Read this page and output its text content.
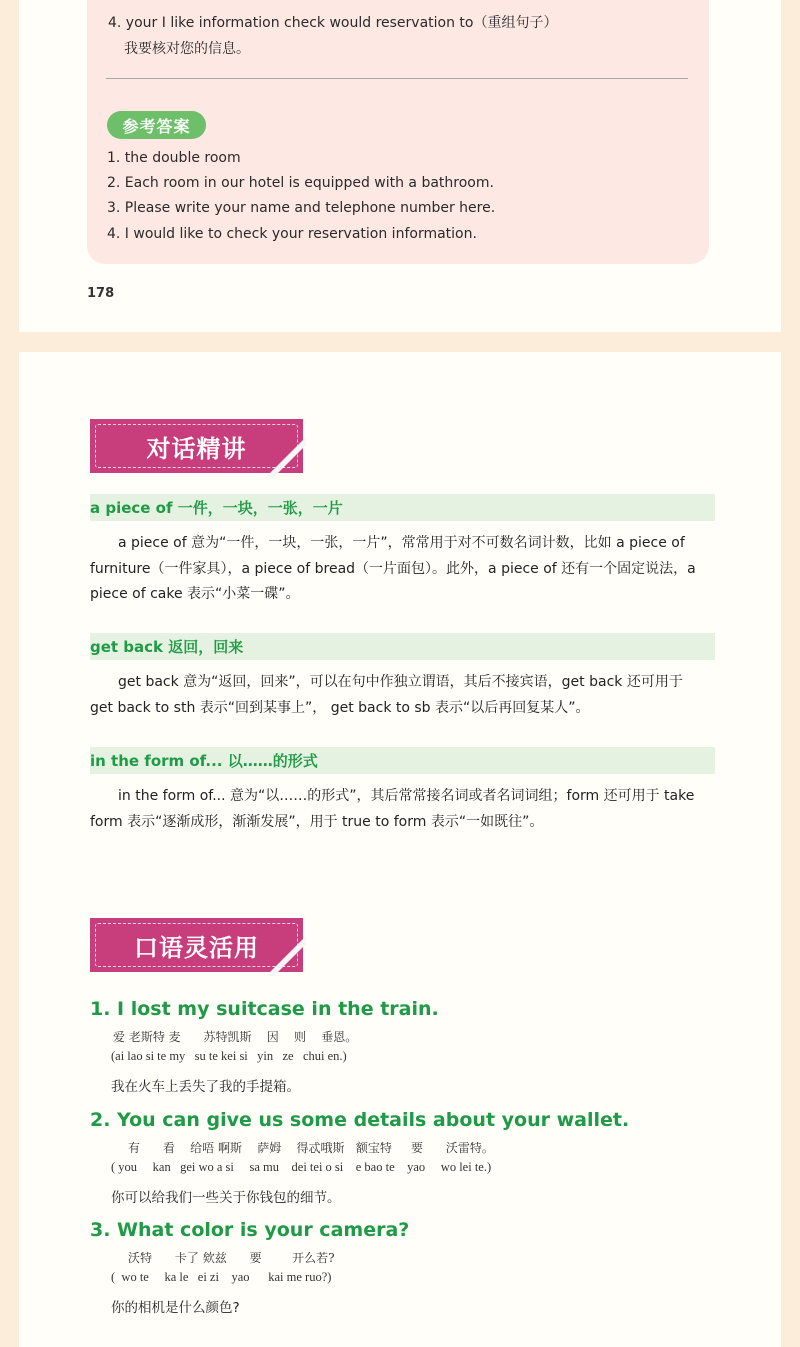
4. your I like information check would reservation to（重组句子）
我要核对您的信息。
参考答案
1. the double room
2. Each room in our hotel is equipped with a bathroom.
3. Please write your name and telephone number here.
4. I would like to check your reservation information.
178
对话精讲
a piece of 一件，一块，一张，一片
a piece of 意为“一件，一块，一张，一片”，常常用于对不可数名词计数，比如 a piece of
furniture（一件家具），a piece of bread（一片面包）。此外，a piece of 还有一个固定说法，a
piece of cake 表示“小菜一碟”。
get back 返回，回来
get back 意为“返回，回来”，可以在句中作独立谓语，其后不接宾语，get back 还可用于
get back to sth 表示“回到某事上”， get back to sb 表示“以后再回复某人”。
in the form of... 以……的形式
in the form of... 意为“以……的形式”，其后常常接名词或者名词词组；form 还可用于 take
form 表示“逐渐成形，渐渐发展”，用于 true to form 表示“一如既往”。
口语灵活用
1. I lost my suitcase in the train.
爱 老斯特 麦      苏特凯斯    因    则    垂恩。
(ai lao si te my   su te kei si   yin   ze   chui en.)
我在火车上丢失了我的手提箱。
2. You can give us some details about your wallet.
有      看    给唔 啊斯    萨姆    得忒哦斯   额宝特     要      沃雷特。
( you     kan   gei wo a si     sa mu    dei tei o si    e bao te    yao     wo lei te.)
你可以给我们一些关于你钱包的细节。
3. What color is your camera?
沃特      卡了 欸兹      要        开么若?
(  wo te     ka le   ei zi    yao      kai me ruo?)
你的相机是什么颜色?
